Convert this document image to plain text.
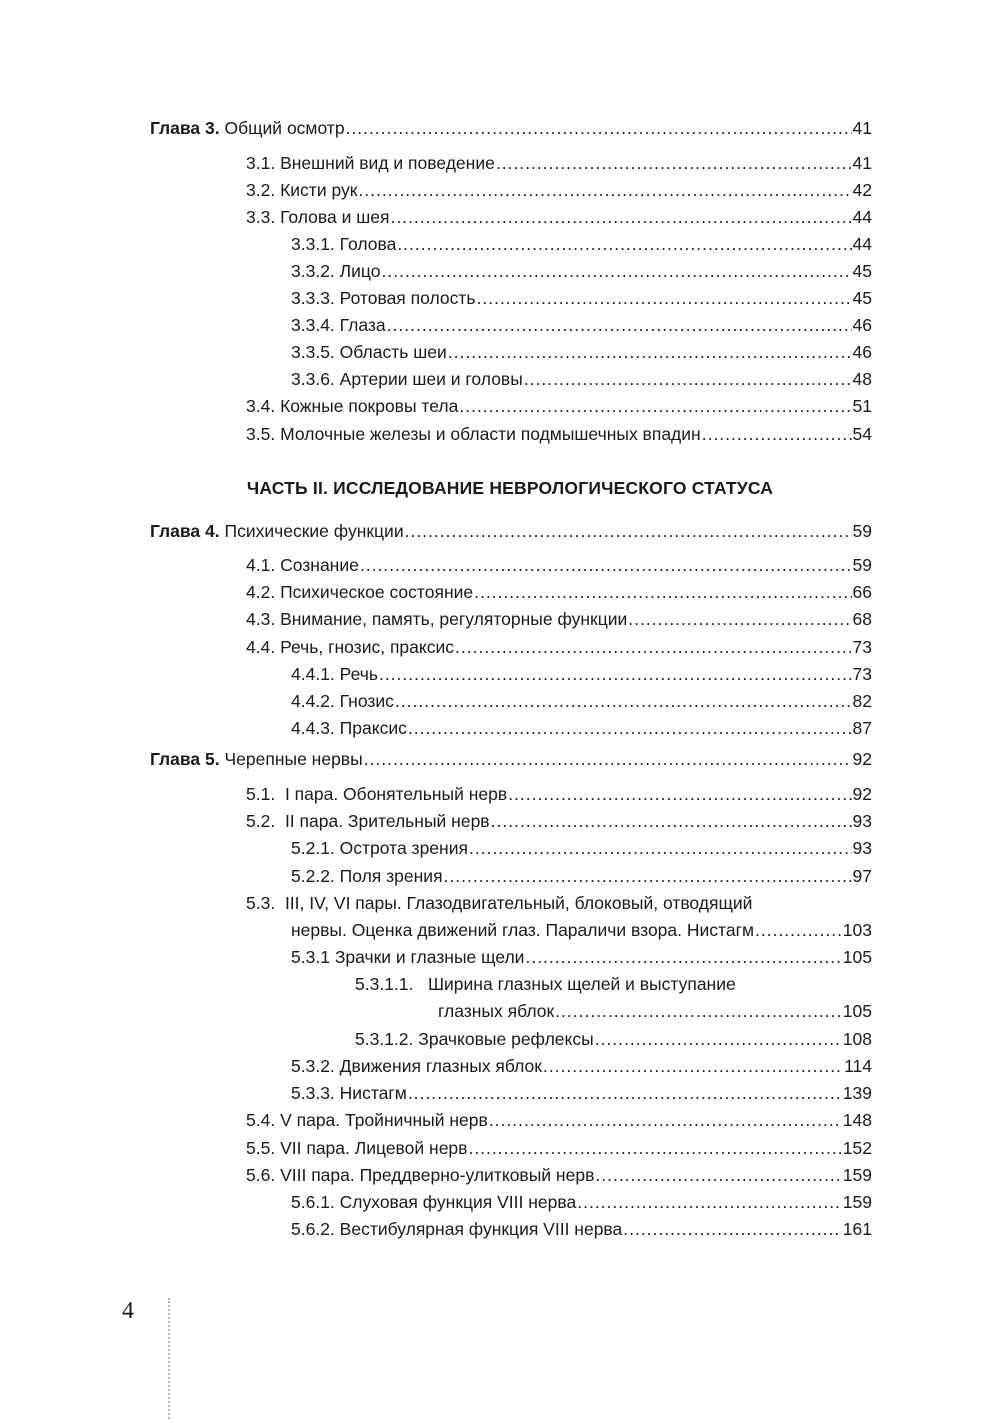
Глава 3. Общий осмотр .....	41
3.1. Внешний вид и поведение .....	41
3.2. Кисти рук .....	42
3.3. Голова и шея .....	44
3.3.1. Голова .....	44
3.3.2. Лицо .....	45
3.3.3. Ротовая полость .....	45
3.3.4. Глаза .....	46
3.3.5. Область шеи .....	46
3.3.6. Артерии шеи и головы .....	48
3.4. Кожные покровы тела .....	51
3.5. Молочные железы и области подмышечных впадин .....	54
ЧАСТЬ II. ИССЛЕДОВАНИЕ НЕВРОЛОГИЧЕСКОГО СТАТУСА
Глава 4. Психические функции .....	59
4.1. Сознание .....	59
4.2. Психическое состояние .....	66
4.3. Внимание, память, регуляторные функции .....	68
4.4. Речь, гнозис, праксис .....	73
4.4.1. Речь .....	73
4.4.2. Гнозис .....	82
4.4.3. Праксис .....	87
Глава 5. Черепные нервы .....	92
5.1. I пара. Обонятельный нерв .....	92
5.2. II пара. Зрительный нерв .....	93
5.2.1. Острота зрения .....	93
5.2.2. Поля зрения .....	97
5.3. III, IV, VI пары. Глазодвигательный, блоковый, отводящий
нервы. Оценка движений глаз. Параличи взора. Нистагм .....	103
5.3.1 Зрачки и глазные щели .....	105
5.3.1.1. Ширина глазных щелей и выступание
глазных яблок .....	105
5.3.1.2. Зрачковые рефлексы .....	108
5.3.2. Движения глазных яблок .....	114
5.3.3. Нистагм .....	139
5.4. V пара. Тройничный нерв .....	148
5.5. VII пара. Лицевой нерв .....	152
5.6. VIII пара. Преддверно-улитковый нерв .....	159
5.6.1. Слуховая функция VIII нерва .....	159
5.6.2. Вестибулярная функция VIII нерва .....	161
4
